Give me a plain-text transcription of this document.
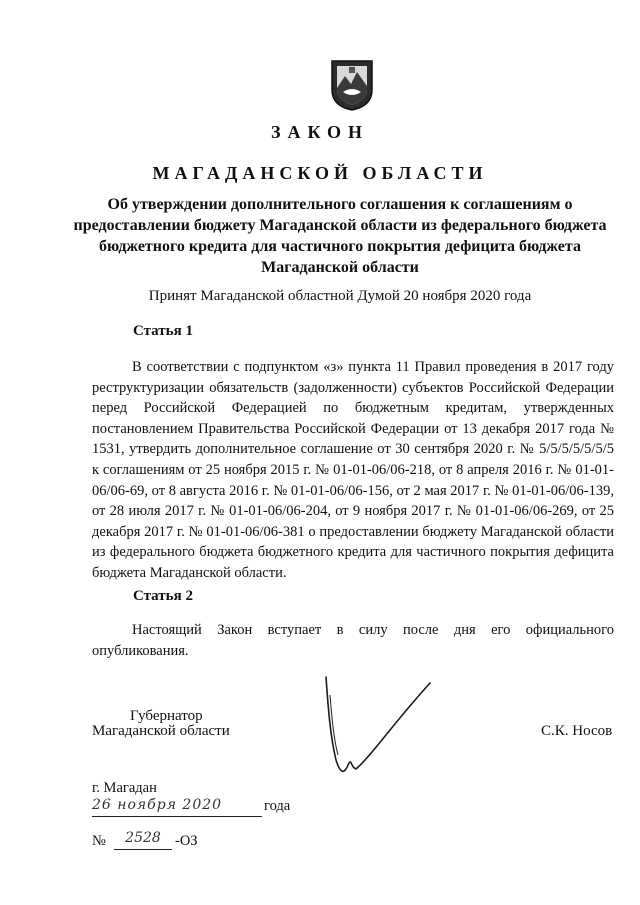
ЗАКОН
МАГАДАНСКОЙ ОБЛАСТИ
Об утверждении дополнительного соглашения к соглашениям о предоставлении бюджету Магаданской области из федерального бюджета бюджетного кредита для частичного покрытия дефицита бюджета Магаданской области
Принят Магаданской областной Думой 20 ноября 2020 года
Статья 1
В соответствии с подпунктом «з» пункта 11 Правил проведения в 2017 году реструктуризации обязательств (задолженности) субъектов Российской Федерации перед Российской Федерацией по бюджетным кредитам, утвержденных постановлением Правительства Российской Федерации от 13 декабря 2017 года № 1531, утвердить дополнительное соглашение от 30 сентября 2020 г. № 5/5/5/5/5/5/5 к соглашениям от 25 ноября 2015 г. № 01-01-06/06-218, от 8 апреля 2016 г. № 01-01-06/06-69, от 8 августа 2016 г. № 01-01-06/06-156, от 2 мая 2017 г. № 01-01-06/06-139, от 28 июля 2017 г. № 01-01-06/06-204, от 9 ноября 2017 г. № 01-01-06/06-269, от 25 декабря 2017 г. № 01-01-06/06-381 о предоставлении бюджету Магаданской области из федерального бюджета бюджетного кредита для частичного покрытия дефицита бюджета Магаданской области.
Статья 2
Настоящий Закон вступает в силу после дня его официального опубликования.
Губернатор
Магаданской области	С.К. Носов
г. Магадан
26 ноября 2020	года
№	2528 -ОЗ
